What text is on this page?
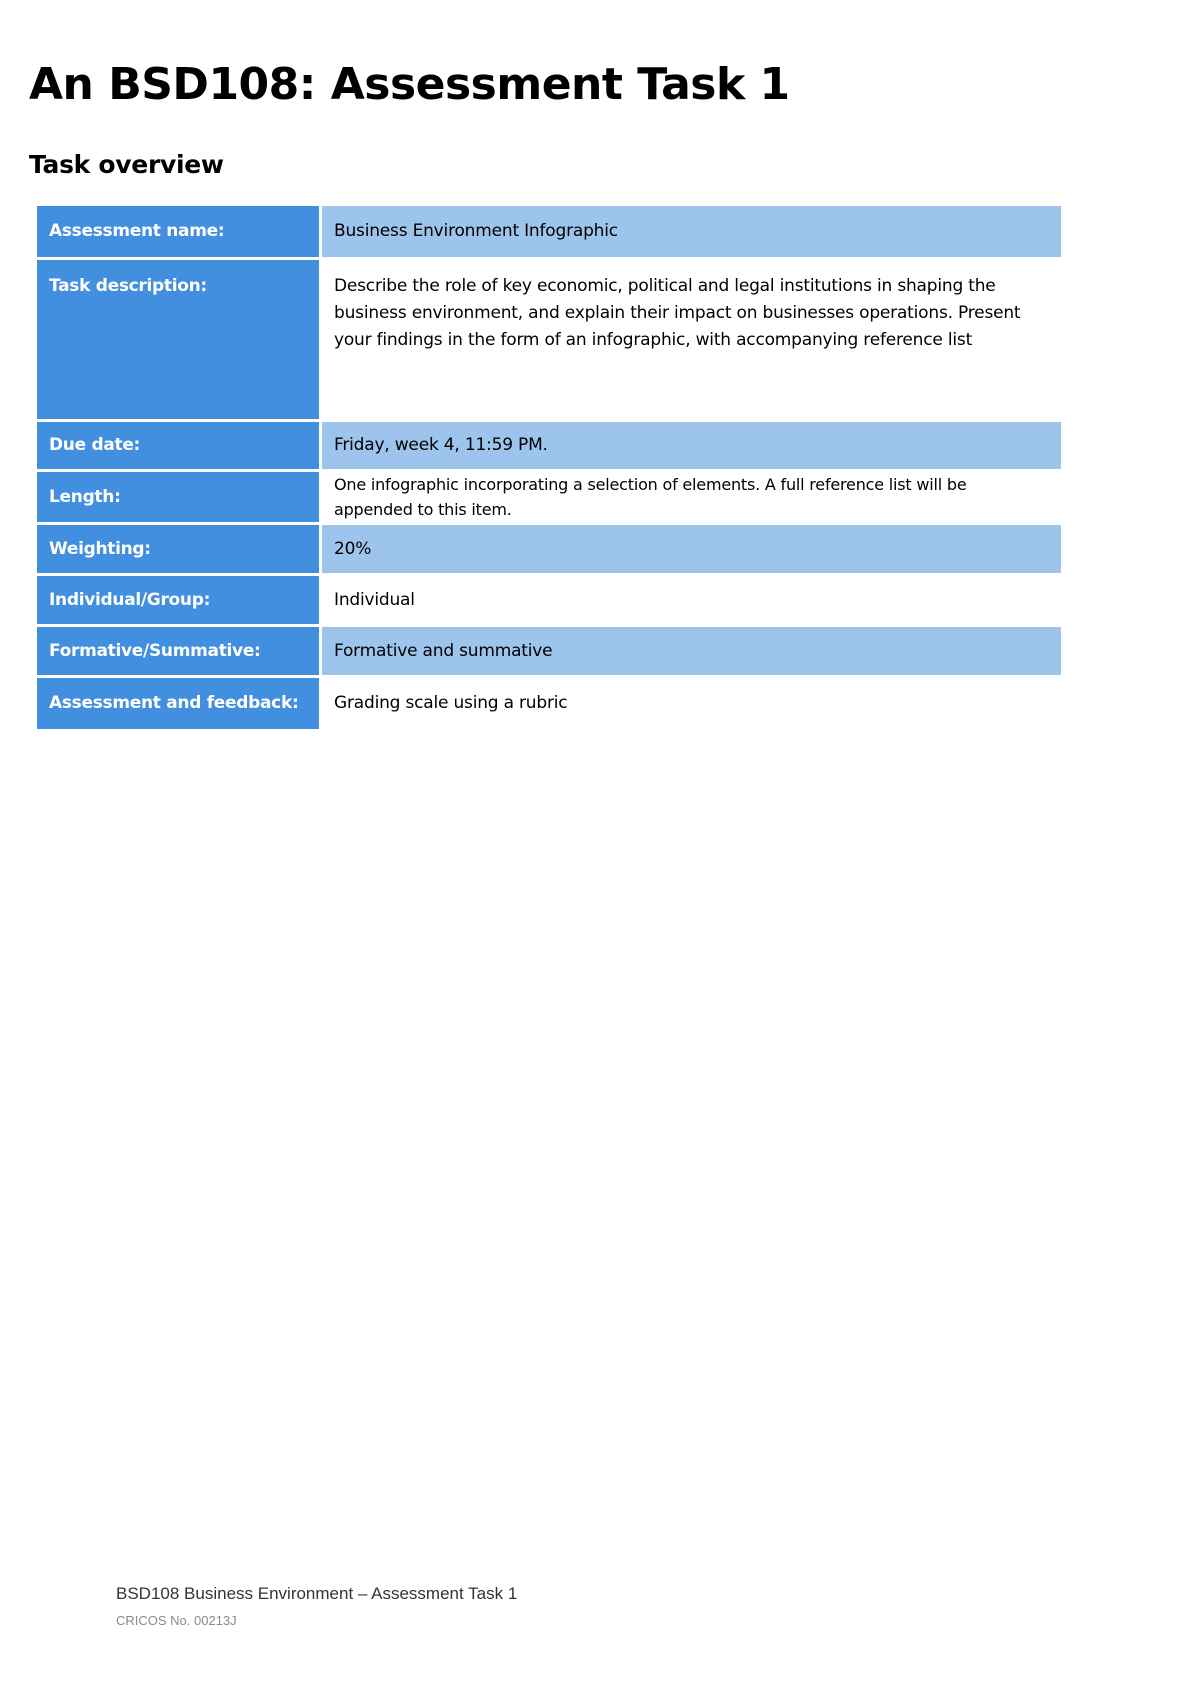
An BSD108: Assessment Task 1
Task overview
Assessment name:	Business Environment Infographic
Task description:	Describe the role of key economic, political and legal institutions in shaping the business environment, and explain their impact on businesses operations. Present your findings in the form of an infographic, with accompanying reference list
Due date:	Friday, week 4, 11:59 PM.
Length:	One infographic incorporating a selection of elements. A full reference list will be appended to this item.
Weighting:	20%
Individual/Group:	Individual
Formative/Summative:	Formative and summative
Assessment and feedback:	Grading scale using a rubric
BSD108 Business Environment – Assessment Task 1
CRICOS No. 00213J
